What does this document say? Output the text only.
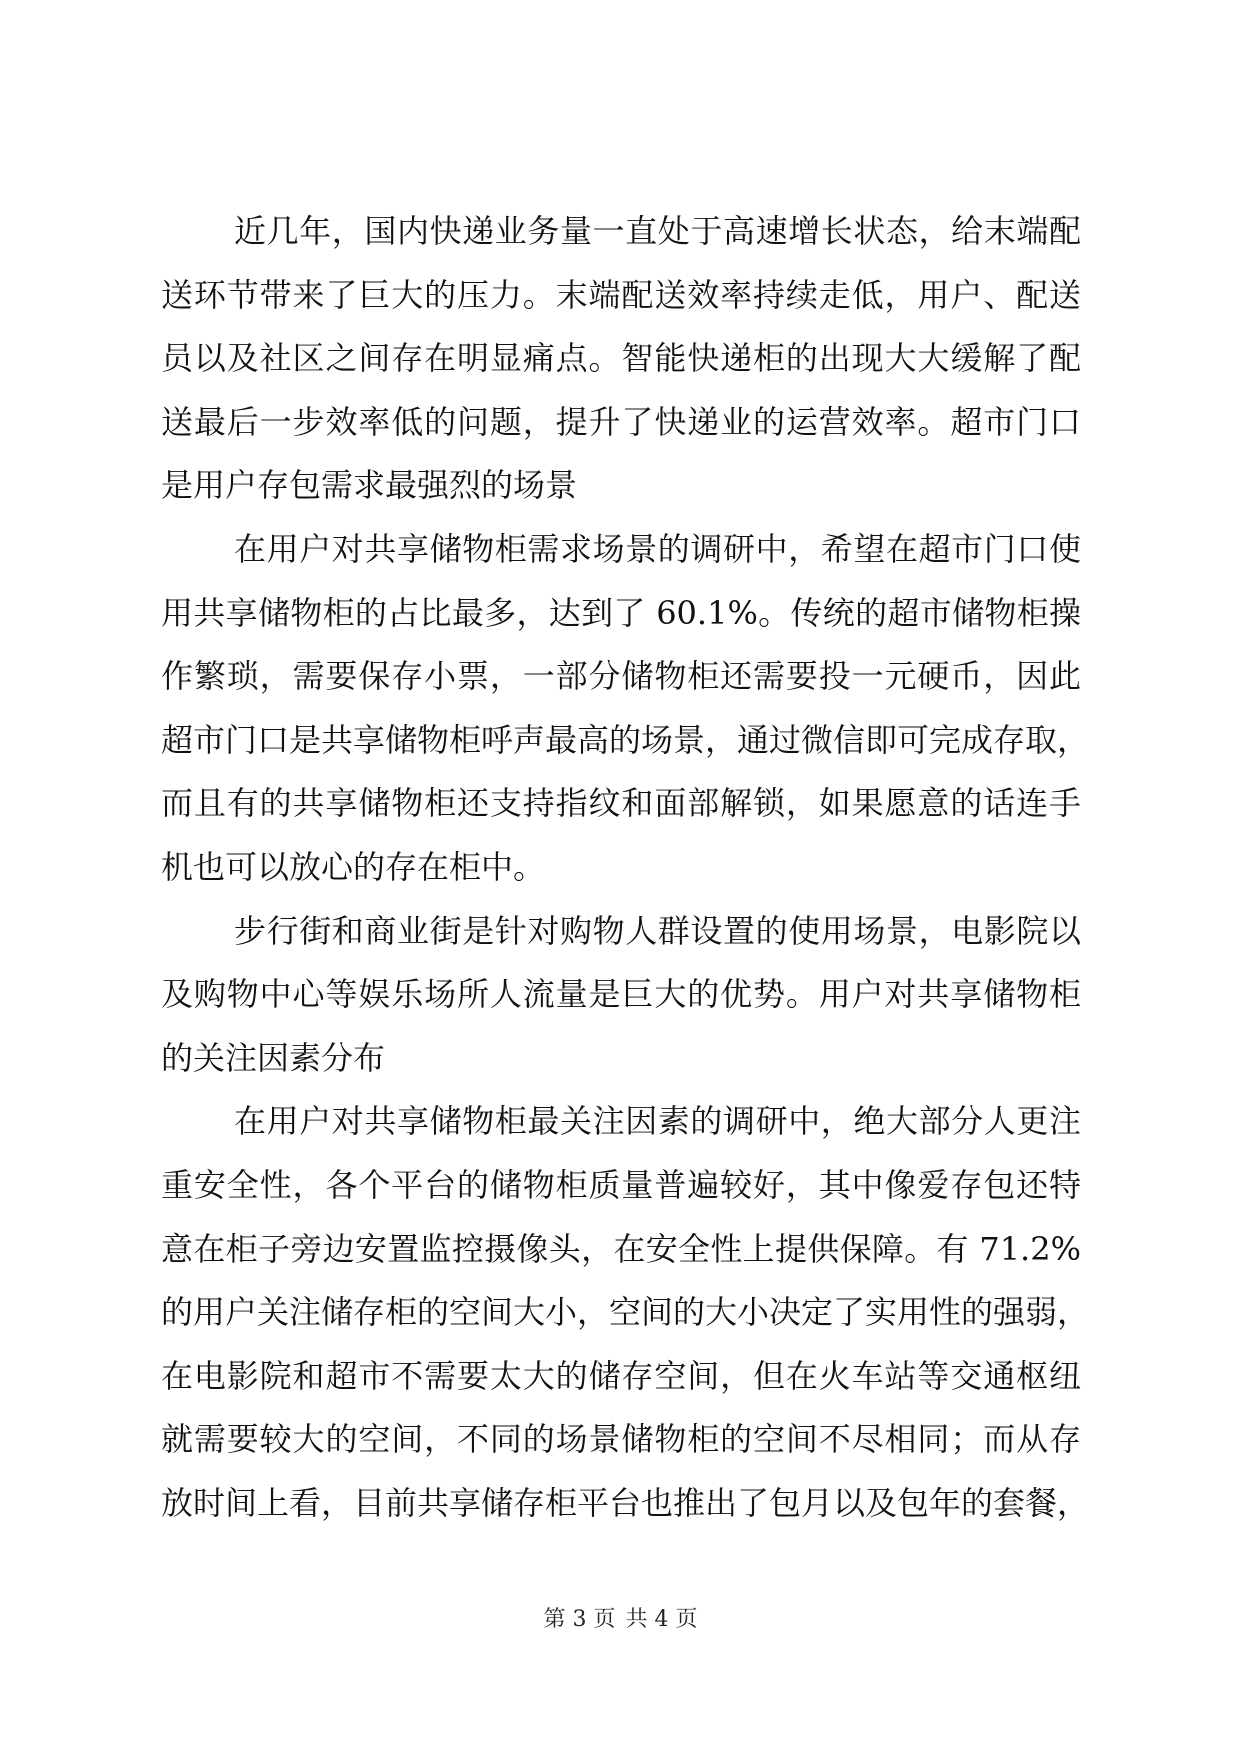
近几年，国内快递业务量一直处于高速增长状态，给末端配
送环节带来了巨大的压力。末端配送效率持续走低，用户、配送
员以及社区之间存在明显痛点。智能快递柜的出现大大缓解了配
送最后一步效率低的问题，提升了快递业的运营效率。超市门口
是用户存包需求最强烈的场景
在用户对共享储物柜需求场景的调研中，希望在超市门口使
用共享储物柜的占比最多，达到了 60.1%。传统的超市储物柜操
作繁琐，需要保存小票，一部分储物柜还需要投一元硬币，因此
超市门口是共享储物柜呼声最高的场景，通过微信即可完成存取，
而且有的共享储物柜还支持指纹和面部解锁，如果愿意的话连手
机也可以放心的存在柜中。
步行街和商业街是针对购物人群设置的使用场景，电影院以
及购物中心等娱乐场所人流量是巨大的优势。用户对共享储物柜
的关注因素分布
在用户对共享储物柜最关注因素的调研中，绝大部分人更注
重安全性，各个平台的储物柜质量普遍较好，其中像爱存包还特
意在柜子旁边安置监控摄像头，在安全性上提供保障。有 71.2%
的用户关注储存柜的空间大小，空间的大小决定了实用性的强弱，
在电影院和超市不需要太大的储存空间，但在火车站等交通枢纽
就需要较大的空间，不同的场景储物柜的空间不尽相同；而从存
放时间上看，目前共享储存柜平台也推出了包月以及包年的套餐，
第 3 页 共 4 页
